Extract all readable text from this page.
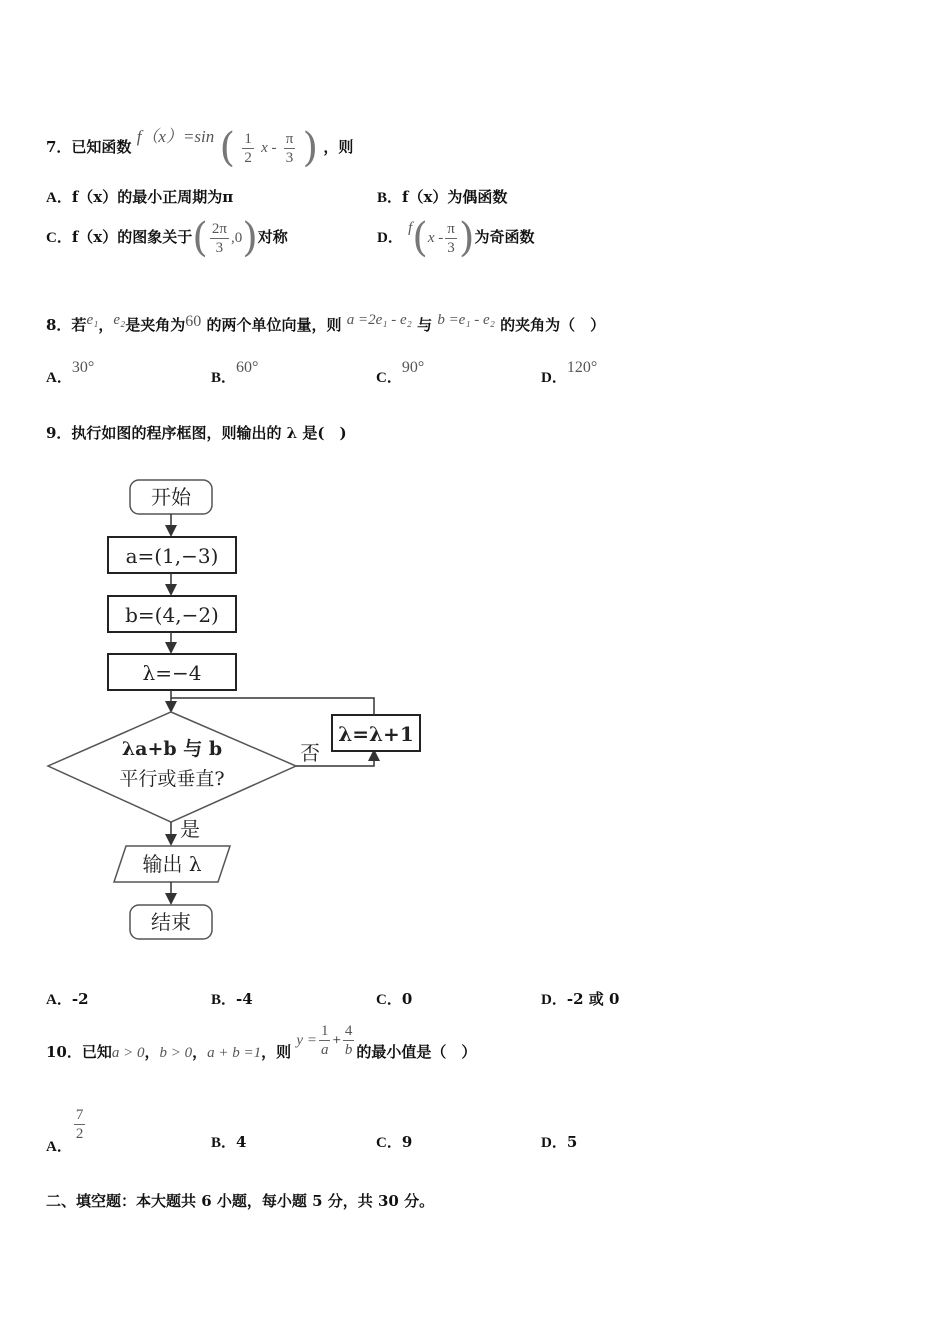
7．已知函数 f（x）=sin ( $\frac{1}{2}$ x - $\frac{\pi}{3}$ ) ，则
A．f（x）的最小正周期为π	B．f（x）为偶函数
C．f（x）的图象关于( $\frac{2\pi}{3} ,0$)对称	D． $f(x - \frac{\pi}{3}$ )为奇函数
8．若e₁，e₂是夹角为60 的两个单位向量，则 a =2e₁ - e₂ 与 b =e₁ - e₂ 的夹角为（　）
A．30°
B．60°
C．90°
D．120°
9．执行如图的程序框图，则输出的 λ 是(　)
开始
a=(1,−3)
b=(4,−2)
λ=−4
λa+b 与 b
平行或垂直?
否
λ=λ+1
是
输出 λ
结束
A．-2	B．-4	C．0	D．-2 或 0
10．已知a > 0，b > 0，a + b =1，则 $y = \frac{1}{a} + \frac{4}{b}$ 的最小值是（　）
A．
$\frac{7}{2}$	B．4	C．9	D．5
二、填空题：本大题共 6 小题，每小题 5 分，共 30 分。
